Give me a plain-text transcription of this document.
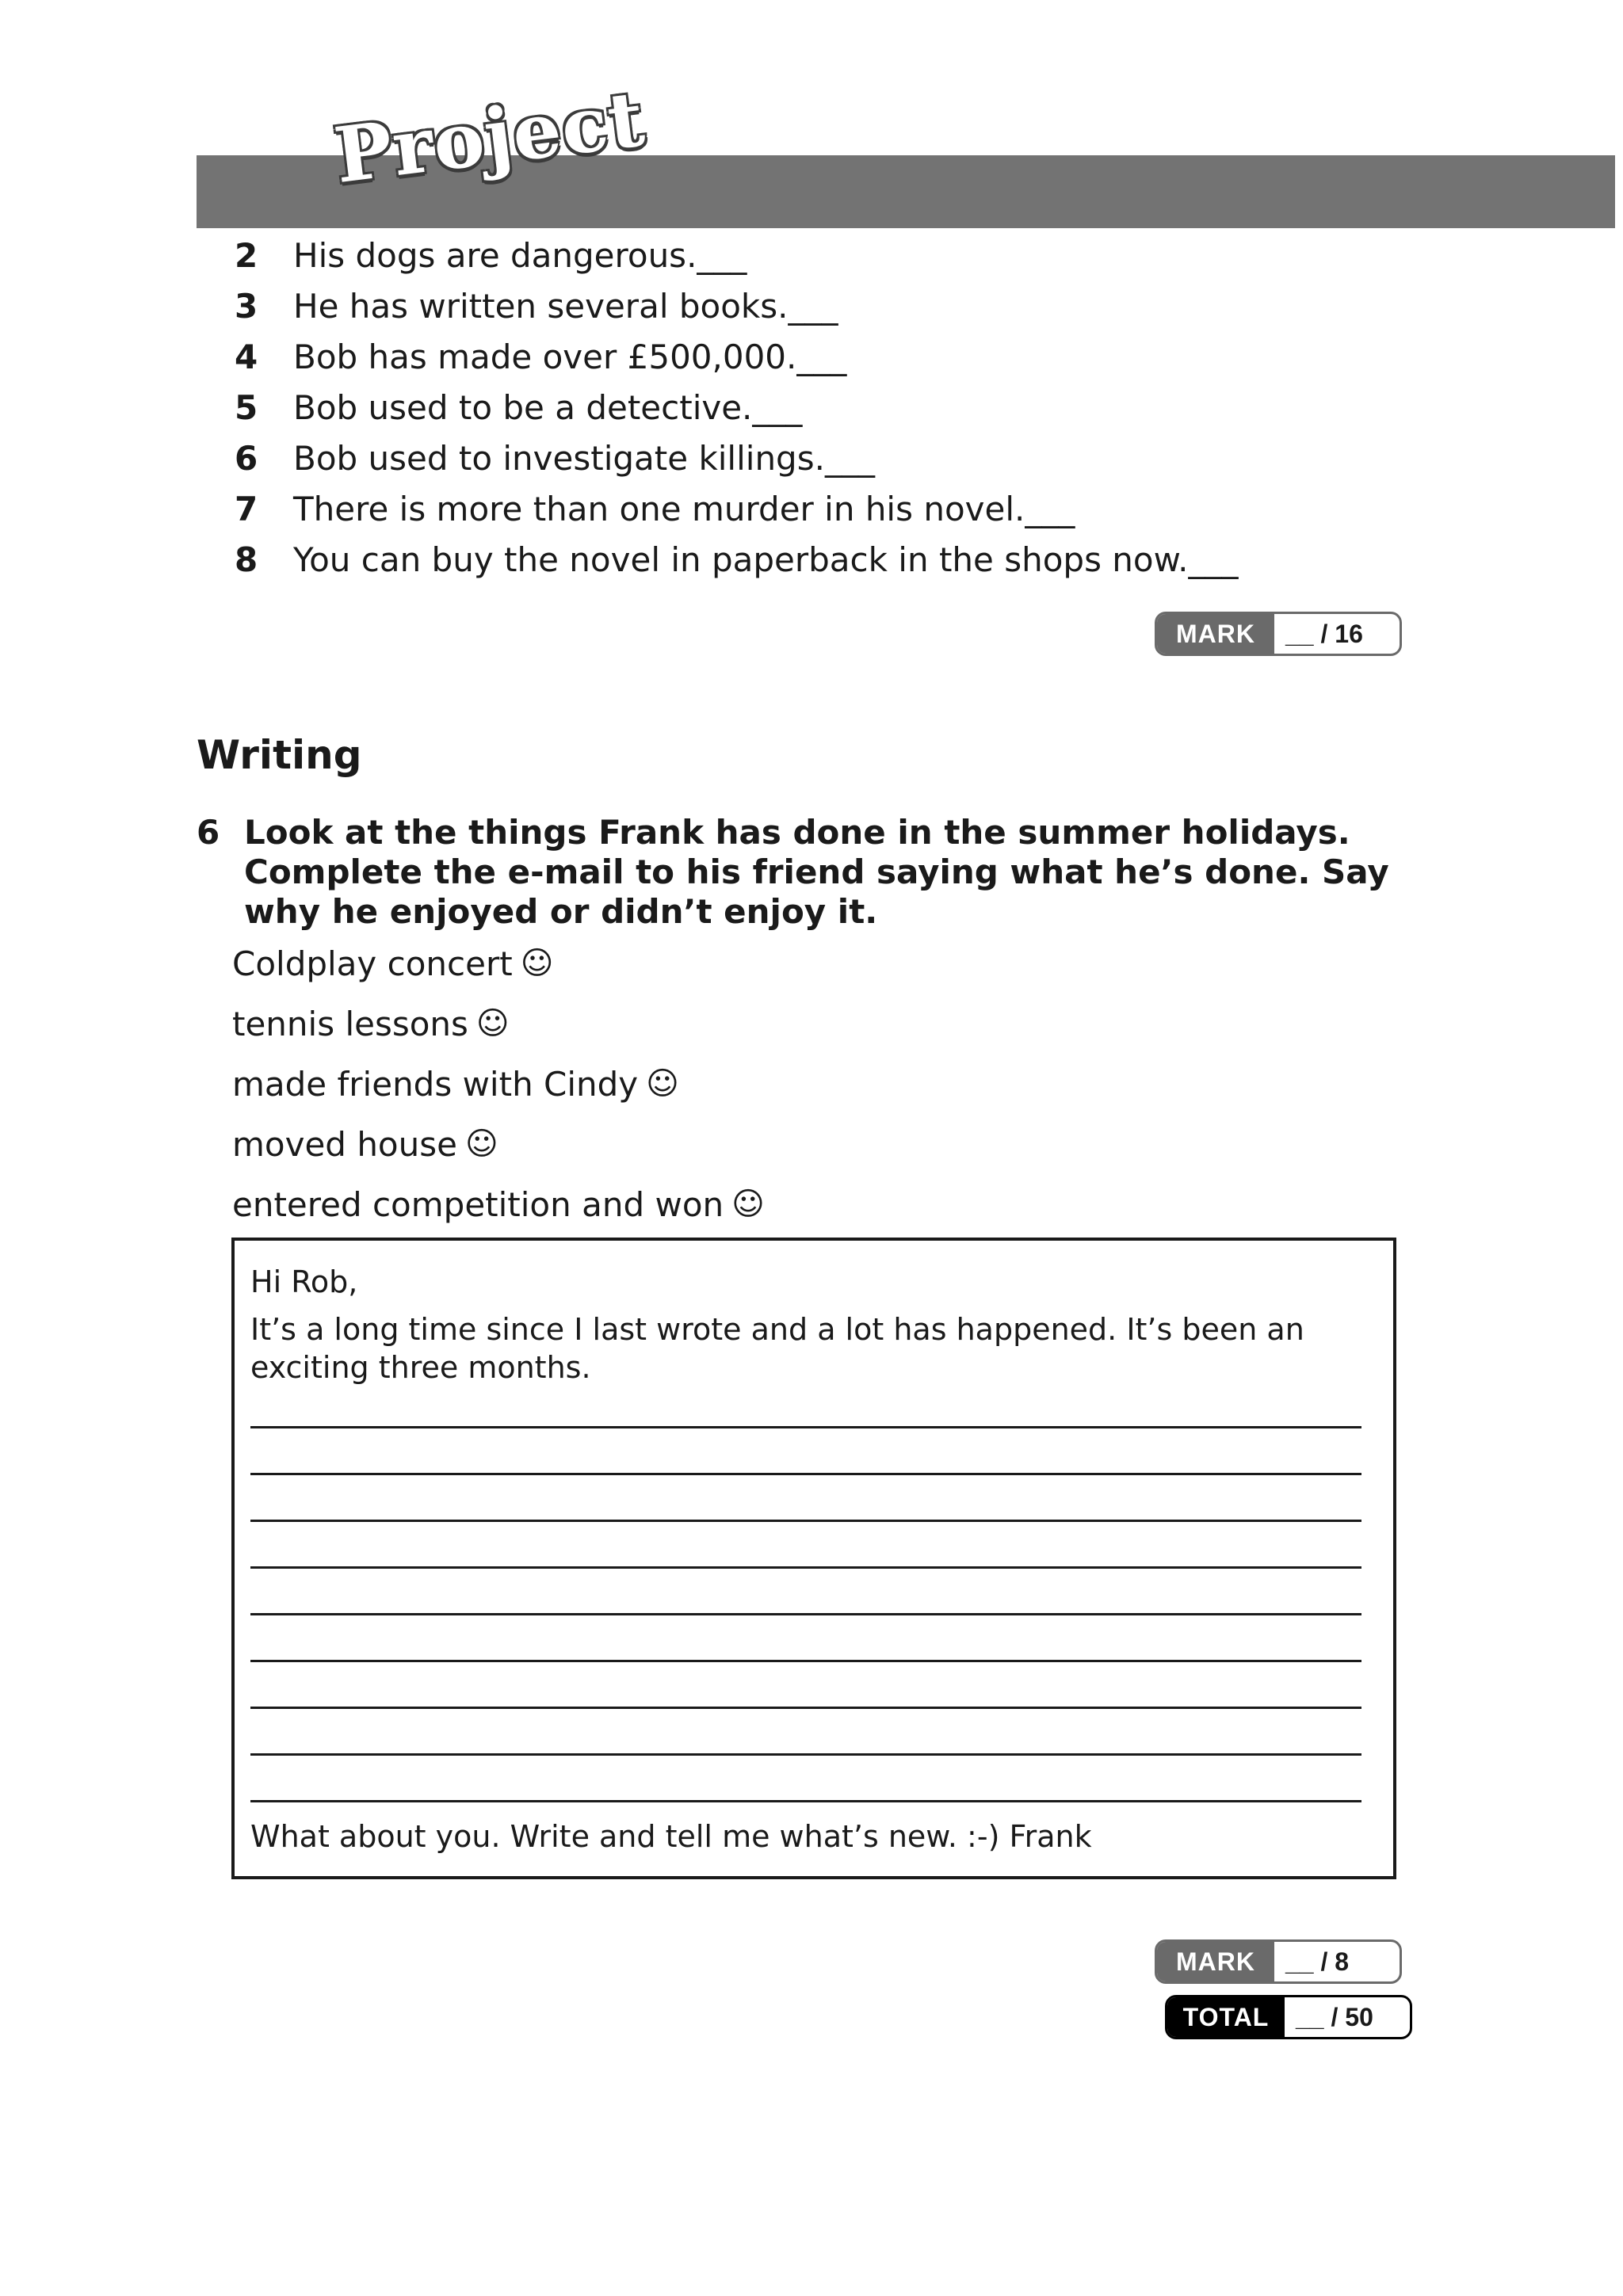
Project
2	His dogs are dangerous.___
3	He has written several books.___
4	Bob has made over £500,000.___
5	Bob used to be a detective.___
6	Bob used to investigate killings.___
7	There is more than one murder in his novel.___
8	You can buy the novel in paperback in the shops now.___
MARK	__ / 16
Writing
6 Look at the things Frank has done in the summer holidays. Complete the e-mail to his friend saying what he’s done. Say why he enjoyed or didn’t enjoy it.
Coldplay concert ☺
tennis lessons ☺
made friends with Cindy ☺
moved house ☺
entered competition and won ☺
Hi Rob,
It’s a long time since I last wrote and a lot has happened. It’s been an exciting three months.
What about you. Write and tell me what’s new. :-) Frank
MARK	__ / 8
TOTAL	__ / 50
